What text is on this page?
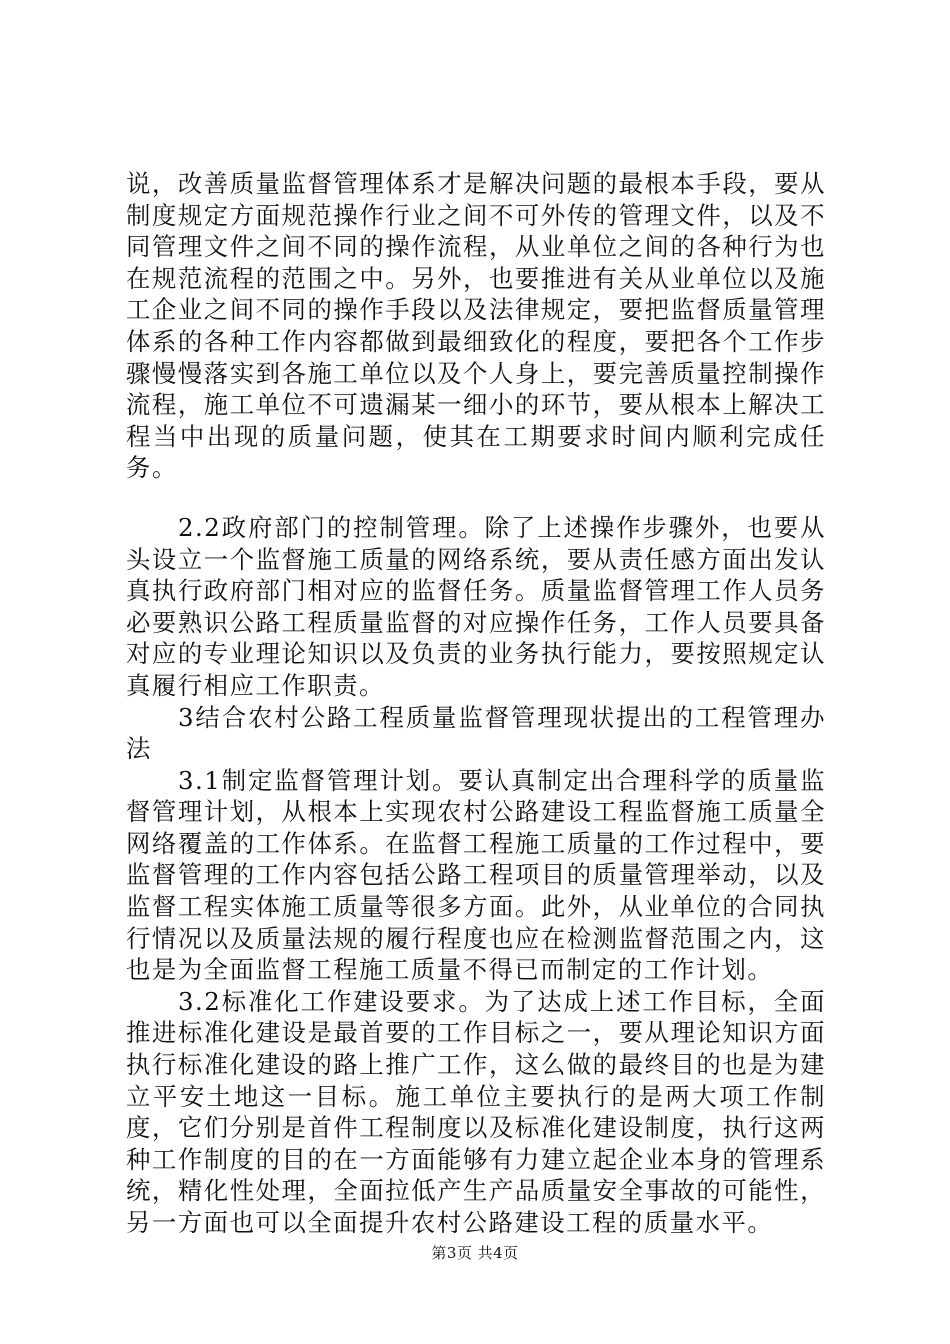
说，改善质量监督管理体系才是解决问题的最根本手段，要从制度规定方面规范操作行业之间不可外传的管理文件，以及不同管理文件之间不同的操作流程，从业单位之间的各种行为也在规范流程的范围之中。另外，也要推进有关从业单位以及施工企业之间不同的操作手段以及法律规定，要把监督质量管理体系的各种工作内容都做到最细致化的程度，要把各个工作步骤慢慢落实到各施工单位以及个人身上，要完善质量控制操作流程，施工单位不可遗漏某一细小的环节，要从根本上解决工程当中出现的质量问题，使其在工期要求时间内顺利完成任务。

2.2政府部门的控制管理。除了上述操作步骤外，也要从头设立一个监督施工质量的网络系统，要从责任感方面出发认真执行政府部门相对应的监督任务。质量监督管理工作人员务必要熟识公路工程质量监督的对应操作任务，工作人员要具备对应的专业理论知识以及负责的业务执行能力，要按照规定认真履行相应工作职责。

3结合农村公路工程质量监督管理现状提出的工程管理办法

3.1制定监督管理计划。要认真制定出合理科学的质量监督管理计划，从根本上实现农村公路建设工程监督施工质量全网络覆盖的工作体系。在监督工程施工质量的工作过程中，要监督管理的工作内容包括公路工程项目的质量管理举动，以及监督工程实体施工质量等很多方面。此外，从业单位的合同执行情况以及质量法规的履行程度也应在检测监督范围之内，这也是为全面监督工程施工质量不得已而制定的工作计划。

3.2标准化工作建设要求。为了达成上述工作目标，全面推进标准化建设是最首要的工作目标之一，要从理论知识方面执行标准化建设的路上推广工作，这么做的最终目的也是为建立平安土地这一目标。施工单位主要执行的是两大项工作制度，它们分别是首件工程制度以及标准化建设制度，执行这两种工作制度的目的在一方面能够有力建立起企业本身的管理系统，精化性处理，全面拉低产生产品质量安全事故的可能性，另一方面也可以全面提升农村公路建设工程的质量水平。

第3页 共4页
